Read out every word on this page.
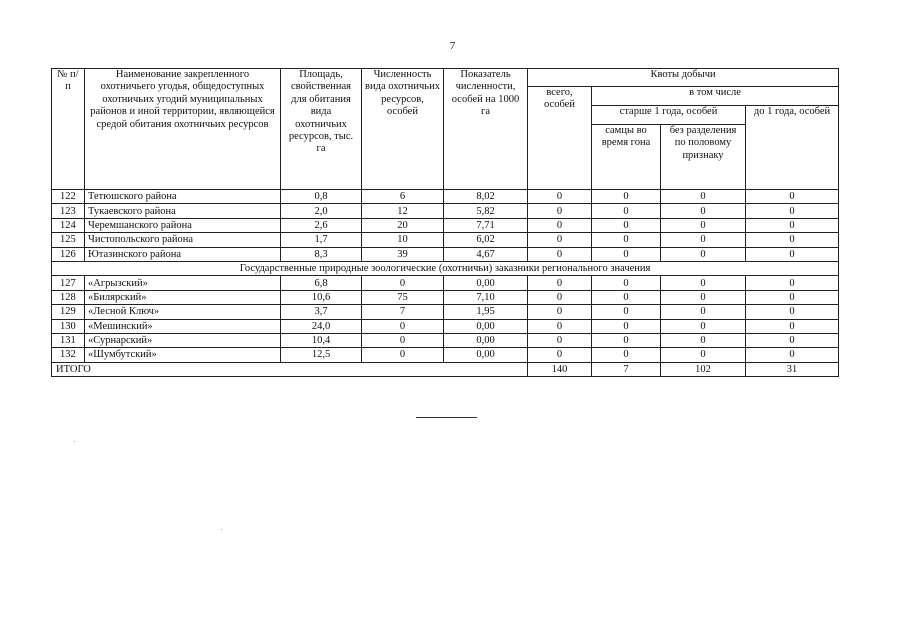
7
№ п/п	Наименование закрепленного охотничьего угодья, общедоступных охотничьих угодий муниципальных районов и иной территории, являющейся средой обитания охотничьих ресурсов	Площадь, свойственная для обитания вида охотничьих ресурсов, тыс. га	Численность вида охотничьих ресурсов, особей	Показатель численности, особей на 1000 га	Квоты добычи			
					всего, особей	в том числе		
						старше 1 года, особей		до 1 года, особей
						самцы во время гона	без разделения по половому признаку	
122	Тетюшского района	0,8	6	8,02	0	0	0	0
123	Тукаевского района	2,0	12	5,82	0	0	0	0
124	Черемшанского района	2,6	20	7,71	0	0	0	0
125	Чистопольского района	1,7	10	6,02	0	0	0	0
126	Ютазинского района	8,3	39	4,67	0	0	0	0
Государственные природные зоологические (охотничьи) заказники регионального значения								
127	«Агрызский»	6,8	0	0,00	0	0	0	0
128	«Билярский»	10,6	75	7,10	0	0	0	0
129	«Лесной Ключ»	3,7	7	1,95	0	0	0	0
130	«Мешинский»	24,0	0	0,00	0	0	0	0
131	«Сурнарский»	10,4	0	0,00	0	0	0	0
132	«Шумбутский»	12,5	0	0,00	0	0	0	0
ИТОГО					140	7	102	31
